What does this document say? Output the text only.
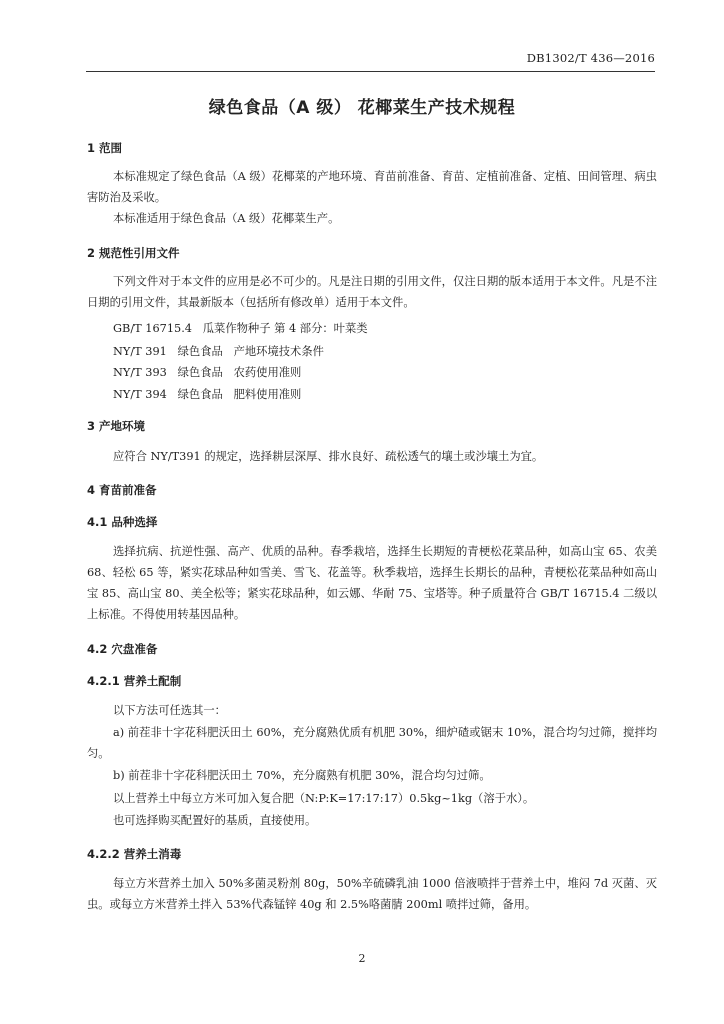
DB1302/T 436—2016
绿色食品（A 级） 花椰菜生产技术规程
1 范围
本标准规定了绿色食品（A 级）花椰菜的产地环境、育苗前准备、育苗、定植前准备、定植、田间管理、病虫害防治及采收。
本标准适用于绿色食品（A 级）花椰菜生产。
2 规范性引用文件
下列文件对于本文件的应用是必不可少的。凡是注日期的引用文件，仅注日期的版本适用于本文件。凡是不注日期的引用文件，其最新版本（包括所有修改单）适用于本文件。
GB/T 16715.4   瓜菜作物种子 第 4 部分：叶菜类
NY/T 391   绿色食品   产地环境技术条件
NY/T 393   绿色食品   农药使用准则
NY/T 394   绿色食品   肥料使用准则
3 产地环境
应符合 NY/T391 的规定，选择耕层深厚、排水良好、疏松透气的壤土或沙壤土为宜。
4 育苗前准备
4.1 品种选择
选择抗病、抗逆性强、高产、优质的品种。春季栽培，选择生长期短的青梗松花菜品种，如高山宝 65、农美 68、轻松 65 等，紧实花球品种如雪美、雪飞、花盖等。秋季栽培，选择生长期长的品种，青梗松花菜品种如高山宝 85、高山宝 80、美全松等；紧实花球品种，如云娜、华耐 75、宝塔等。种子质量符合 GB/T 16715.4 二级以上标准。不得使用转基因品种。
4.2 穴盘准备
4.2.1 营养土配制
以下方法可任选其一：
a) 前茬非十字花科肥沃田土 60%，充分腐熟优质有机肥 30%，细炉碴或锯末 10%，混合均匀过筛，搅拌均匀。
b) 前茬非十字花科肥沃田土 70%，充分腐熟有机肥 30%，混合均匀过筛。
以上营养土中每立方米可加入复合肥（N:P:K=17:17:17）0.5kg~1kg（溶于水）。
也可选择购买配置好的基质，直接使用。
4.2.2 营养土消毒
每立方米营养土加入 50%多菌灵粉剂 80g，50%辛硫磷乳油 1000 倍液喷拌于营养土中，堆闷 7d 灭菌、灭虫。或每立方米营养土拌入 53%代森锰锌 40g 和 2.5%咯菌腈 200ml 喷拌过筛，备用。
2
